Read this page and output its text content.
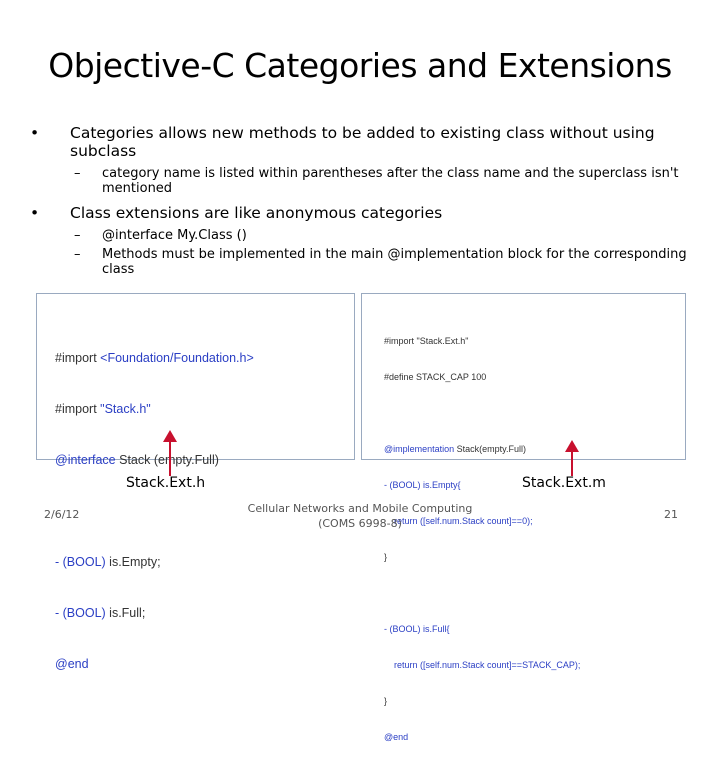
Objective-C Categories and Extensions
•	Categories allows new methods to be added to existing class without using subclass
–	category name is listed within parentheses after the class name and the superclass isn't mentioned
•	Class extensions are like anonymous categories
–	@interface My.Class ()
–	Methods must be implemented in the main @implementation block for the corresponding class

#import <Foundation/Foundation.h>

#import "Stack.h"

@interface Stack (empty.Full)

- (BOOL) is.Empty;

- (BOOL) is.Full;

@end

#import "Stack.Ext.h"

#define STACK_CAP 100

@implementation Stack(empty.Full)

- (BOOL) is.Empty{

return ([self.num.Stack count]==0);

}

- (BOOL) is.Full{

return ([self.num.Stack count]==STACK_CAP);

}

@end

Stack.Ext.h	Stack.Ext.m
2/6/12	Cellular Networks and Mobile Computing
(COMS 6998-8)
21
